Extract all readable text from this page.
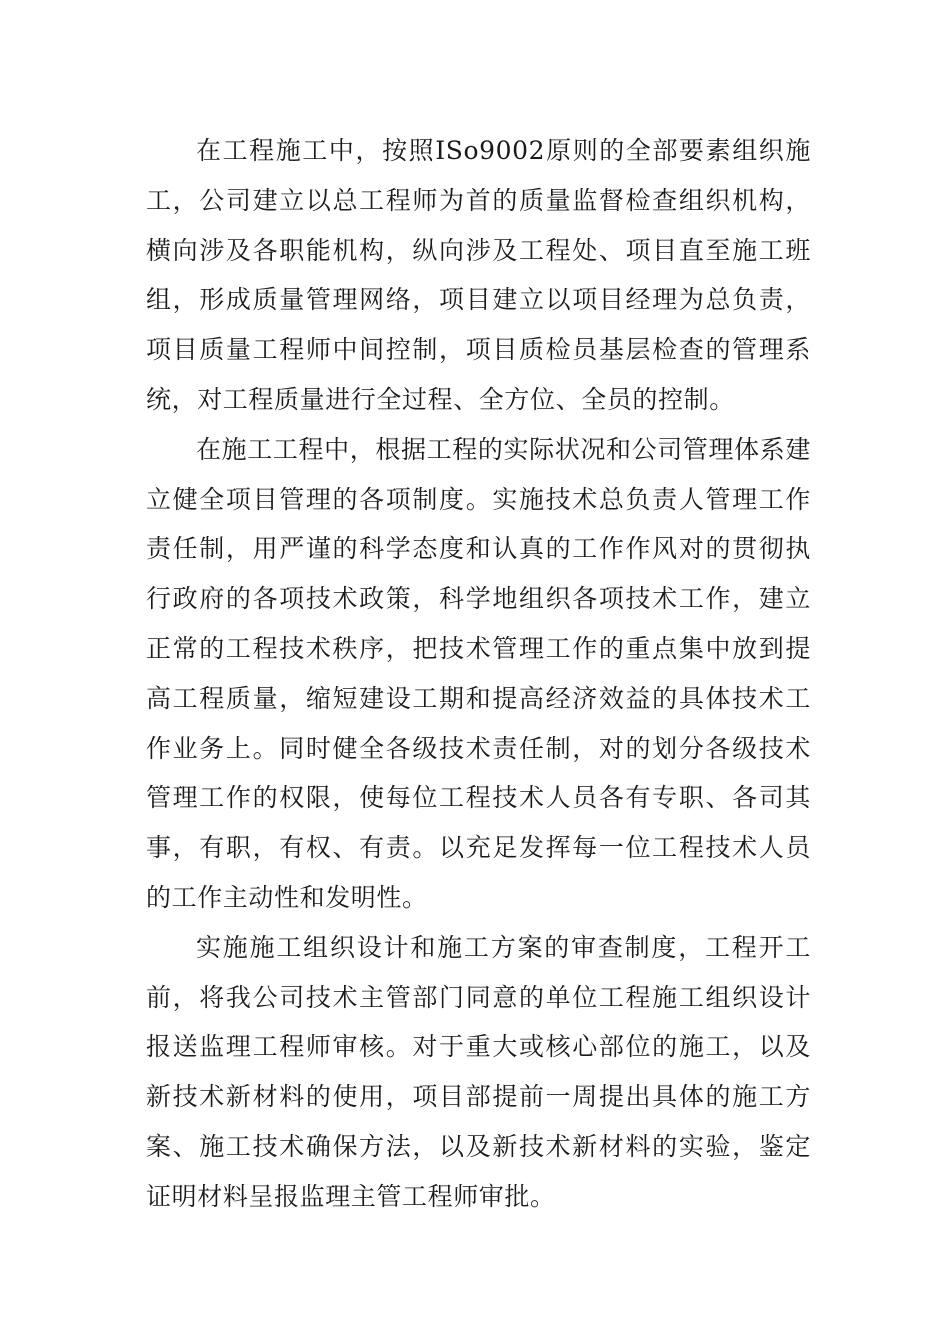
在工程施工中，按照ISo9002原则的全部要素组织施工，公司建立以总工程师为首的质量监督检查组织机构，横向涉及各职能机构，纵向涉及工程处、项目直至施工班组，形成质量管理网络，项目建立以项目经理为总负责，项目质量工程师中间控制，项目质检员基层检查的管理系统，对工程质量进行全过程、全方位、全员的控制。

在施工工程中，根据工程的实际状况和公司管理体系建立健全项目管理的各项制度。实施技术总负责人管理工作责任制，用严谨的科学态度和认真的工作作风对的贯彻执行政府的各项技术政策，科学地组织各项技术工作，建立正常的工程技术秩序，把技术管理工作的重点集中放到提高工程质量，缩短建设工期和提高经济效益的具体技术工作业务上。同时健全各级技术责任制，对的划分各级技术管理工作的权限，使每位工程技术人员各有专职、各司其事，有职，有权、有责。以充足发挥每一位工程技术人员的工作主动性和发明性。

实施施工组织设计和施工方案的审查制度，工程开工前，将我公司技术主管部门同意的单位工程施工组织设计报送监理工程师审核。对于重大或核心部位的施工，以及新技术新材料的使用，项目部提前一周提出具体的施工方案、施工技术确保方法，以及新技术新材料的实验，鉴定证明材料呈报监理主管工程师审批。
